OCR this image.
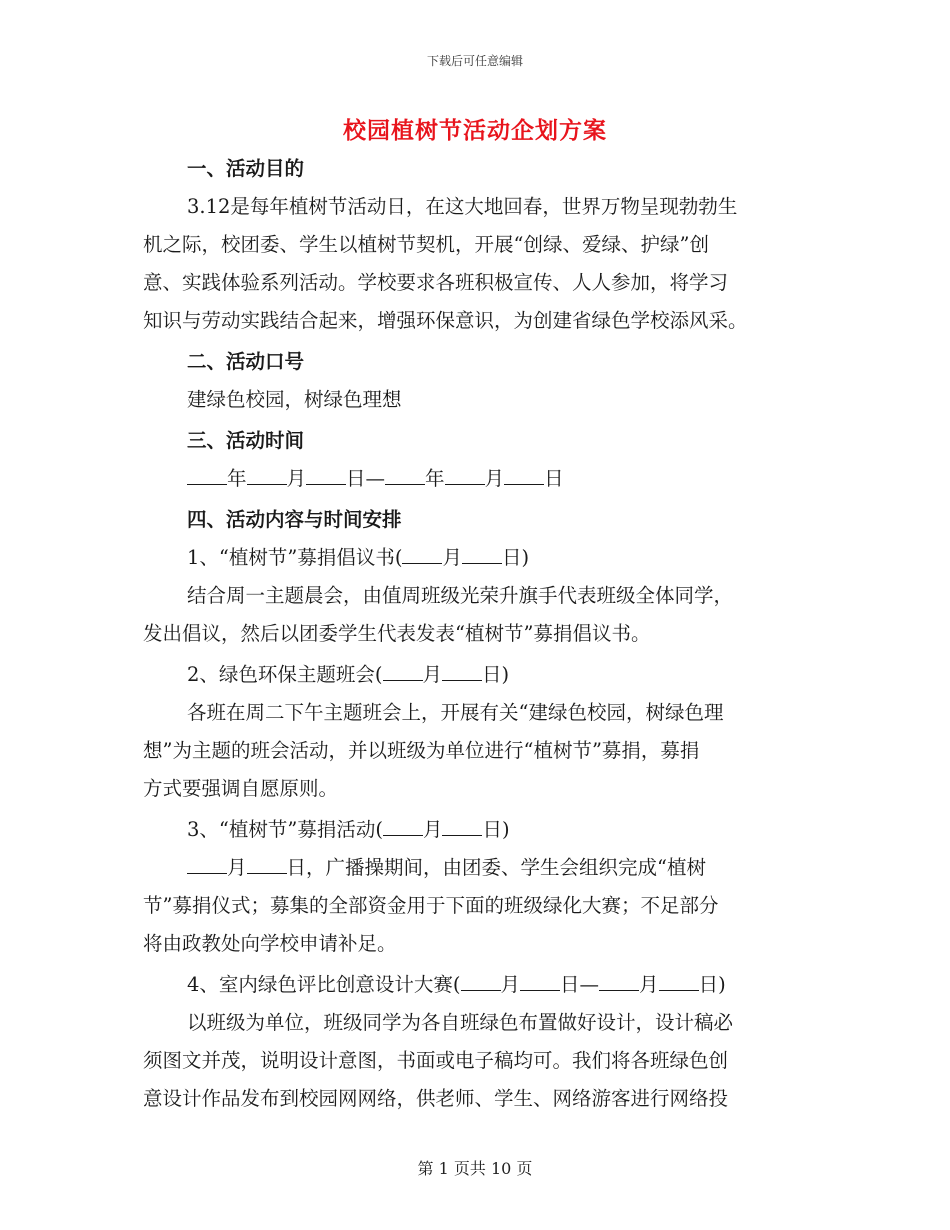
下载后可任意编辑
校园植树节活动企划方案
一、活动目的
3.12是每年植树节活动日，在这大地回春，世界万物呈现勃勃生
机之际，校团委、学生以植树节契机，开展“创绿、爱绿、护绿”创
意、实践体验系列活动。学校要求各班积极宣传、人人参加，将学习
知识与劳动实践结合起来，增强环保意识，为创建省绿色学校添风采。
二、活动口号
建绿色校园，树绿色理想
三、活动时间
年 月 日— 年 月 日
四、活动内容与时间安排
1、“植树节”募捐倡议书( 月 日)
结合周一主题晨会，由值周班级光荣升旗手代表班级全体同学，
发出倡议，然后以团委学生代表发表“植树节”募捐倡议书。
2、绿色环保主题班会( 月 日)
各班在周二下午主题班会上，开展有关“建绿色校园，树绿色理
想”为主题的班会活动，并以班级为单位进行“植树节”募捐，募捐
方式要强调自愿原则。
3、“植树节”募捐活动( 月 日)
月 日，广播操期间，由团委、学生会组织完成“植树
节”募捐仪式；募集的全部资金用于下面的班级绿化大赛；不足部分
将由政教处向学校申请补足。
4、室内绿色评比创意设计大赛( 月 日— 月 日)
以班级为单位，班级同学为各自班绿色布置做好设计，设计稿必
须图文并茂，说明设计意图，书面或电子稿均可。我们将各班绿色创
意设计作品发布到校园网网络，供老师、学生、网络游客进行网络投
第 1 页共 10 页
